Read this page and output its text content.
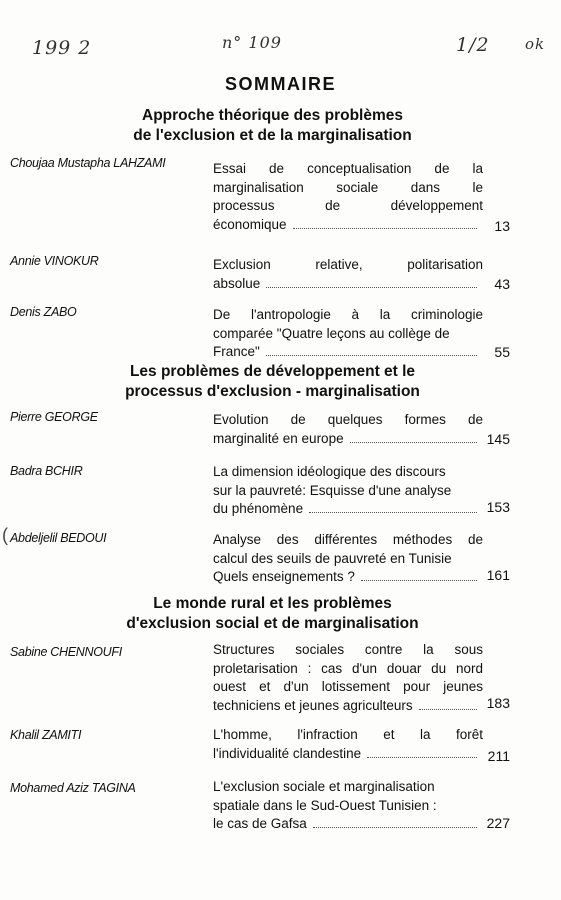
199 2	n° 109	1/2 ok
SOMMAIRE
Approche théorique des problèmes
de l'exclusion et de la marginalisation
Choujaa Mustapha LAHZAMI	Essai de conceptualisation de la
marginalisation sociale dans le
processus de développement
économique	13
Annie VINOKUR	Exclusion relative, politarisation
absolue	43
Denis ZABO	De l'antropologie à la criminologie
comparée "Quatre leçons au collège de
France"	55
Les problèmes de développement et le
processus d'exclusion - marginalisation
Pierre GEORGE	Evolution de quelques formes de
marginalité en europe	145
Badra BCHIR	La dimension idéologique des discours
sur la pauvreté: Esquisse d'une analyse
du phénomène	153
( Abdeljelil BEDOUI	Analyse des différentes méthodes de
calcul des seuils de pauvreté en Tunisie
Quels enseignements ?	161
Le monde rural et les problèmes
d'exclusion social et de marginalisation
Sabine CHENNOUFI	Structures sociales contre la sous
proletarisation : cas d'un douar du nord
ouest et d'un lotissement pour jeunes
techniciens et jeunes agriculteurs	183
Khalil ZAMITI	L'homme, l'infraction et la forêt
l'individualité clandestine	211
Mohamed Aziz TAGINA	L'exclusion sociale et marginalisation
spatiale dans le Sud-Ouest Tunisien :
le cas de Gafsa	227
